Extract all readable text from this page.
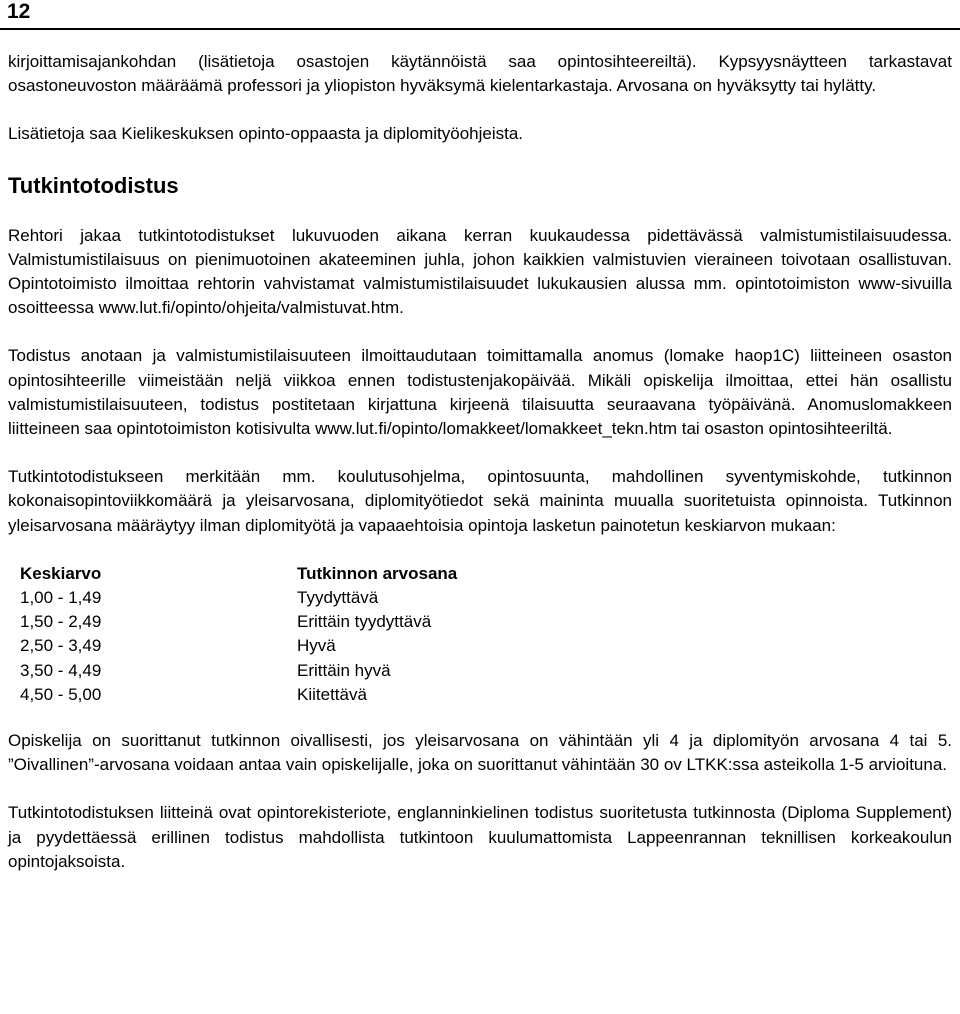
12

kirjoittamisajankohdan (lisätietoja osastojen käytännöistä saa opintosihteereiltä). Kypsyysnäytteen tarkastavat osastoneuvoston määräämä professori ja yliopiston hyväksymä kielentarkastaja. Arvosana on hyväksytty tai hylätty.

Lisätietoja saa Kielikeskuksen opinto-oppaasta ja diplomityöohjeista.

Tutkintotodistus

Rehtori jakaa tutkintotodistukset lukuvuoden aikana kerran kuukaudessa pidettävässä valmistumistilaisuudessa. Valmistumistilaisuus on pienimuotoinen akateeminen juhla, johon kaikkien valmistuvien vieraineen toivotaan osallistuvan. Opintotoimisto ilmoittaa rehtorin vahvistamat valmistumistilaisuudet lukukausien alussa mm. opintotoimiston www-sivuilla osoitteessa www.lut.fi/opinto/ohjeita/valmistuvat.htm.

Todistus anotaan ja valmistumistilaisuuteen ilmoittaudutaan toimittamalla anomus (lomake haop1C) liitteineen osaston opintosihteerille viimeistään neljä viikkoa ennen todistustenjakopäivää. Mikäli opiskelija ilmoittaa, ettei hän osallistu valmistumistilaisuuteen, todistus postitetaan kirjattuna kirjeenä tilaisuutta seuraavana työpäivänä. Anomuslomakkeen liitteineen saa opintotoimiston kotisivulta www.lut.fi/opinto/lomakkeet/lomakkeet_tekn.htm tai osaston opintosihteeriltä.

Tutkintotodistukseen merkitään mm. koulutusohjelma, opintosuunta, mahdollinen syventymiskohde, tutkinnon kokonaisopintoviikkomäärä ja yleisarvosana, diplomityötiedot sekä maininta muualla suoritetuista opinnoista. Tutkinnon yleisarvosana määräytyy ilman diplomityötä ja vapaaehtoisia opintoja lasketun painotetun keskiarvon mukaan:

Keskiarvo	Tutkinnon arvosana
1,00 - 1,49	Tyydyttävä
1,50 - 2,49	Erittäin tyydyttävä
2,50 - 3,49	Hyvä
3,50 - 4,49	Erittäin hyvä
4,50 - 5,00	Kiitettävä

Opiskelija on suorittanut tutkinnon oivallisesti, jos yleisarvosana on vähintään yli 4 ja diplomityön arvosana 4 tai 5. ”Oivallinen”-arvosana voidaan antaa vain opiskelijalle, joka on suorittanut vähintään 30 ov LTKK:ssa asteikolla 1-5 arvioituna.

Tutkintotodistuksen liitteinä ovat opintorekisteriote, englanninkielinen todistus suoritetusta tutkinnosta (Diploma Supplement) ja pyydettäessä erillinen todistus mahdollista tutkintoon kuulumattomista Lappeenrannan teknillisen korkeakoulun opintojaksoista.
